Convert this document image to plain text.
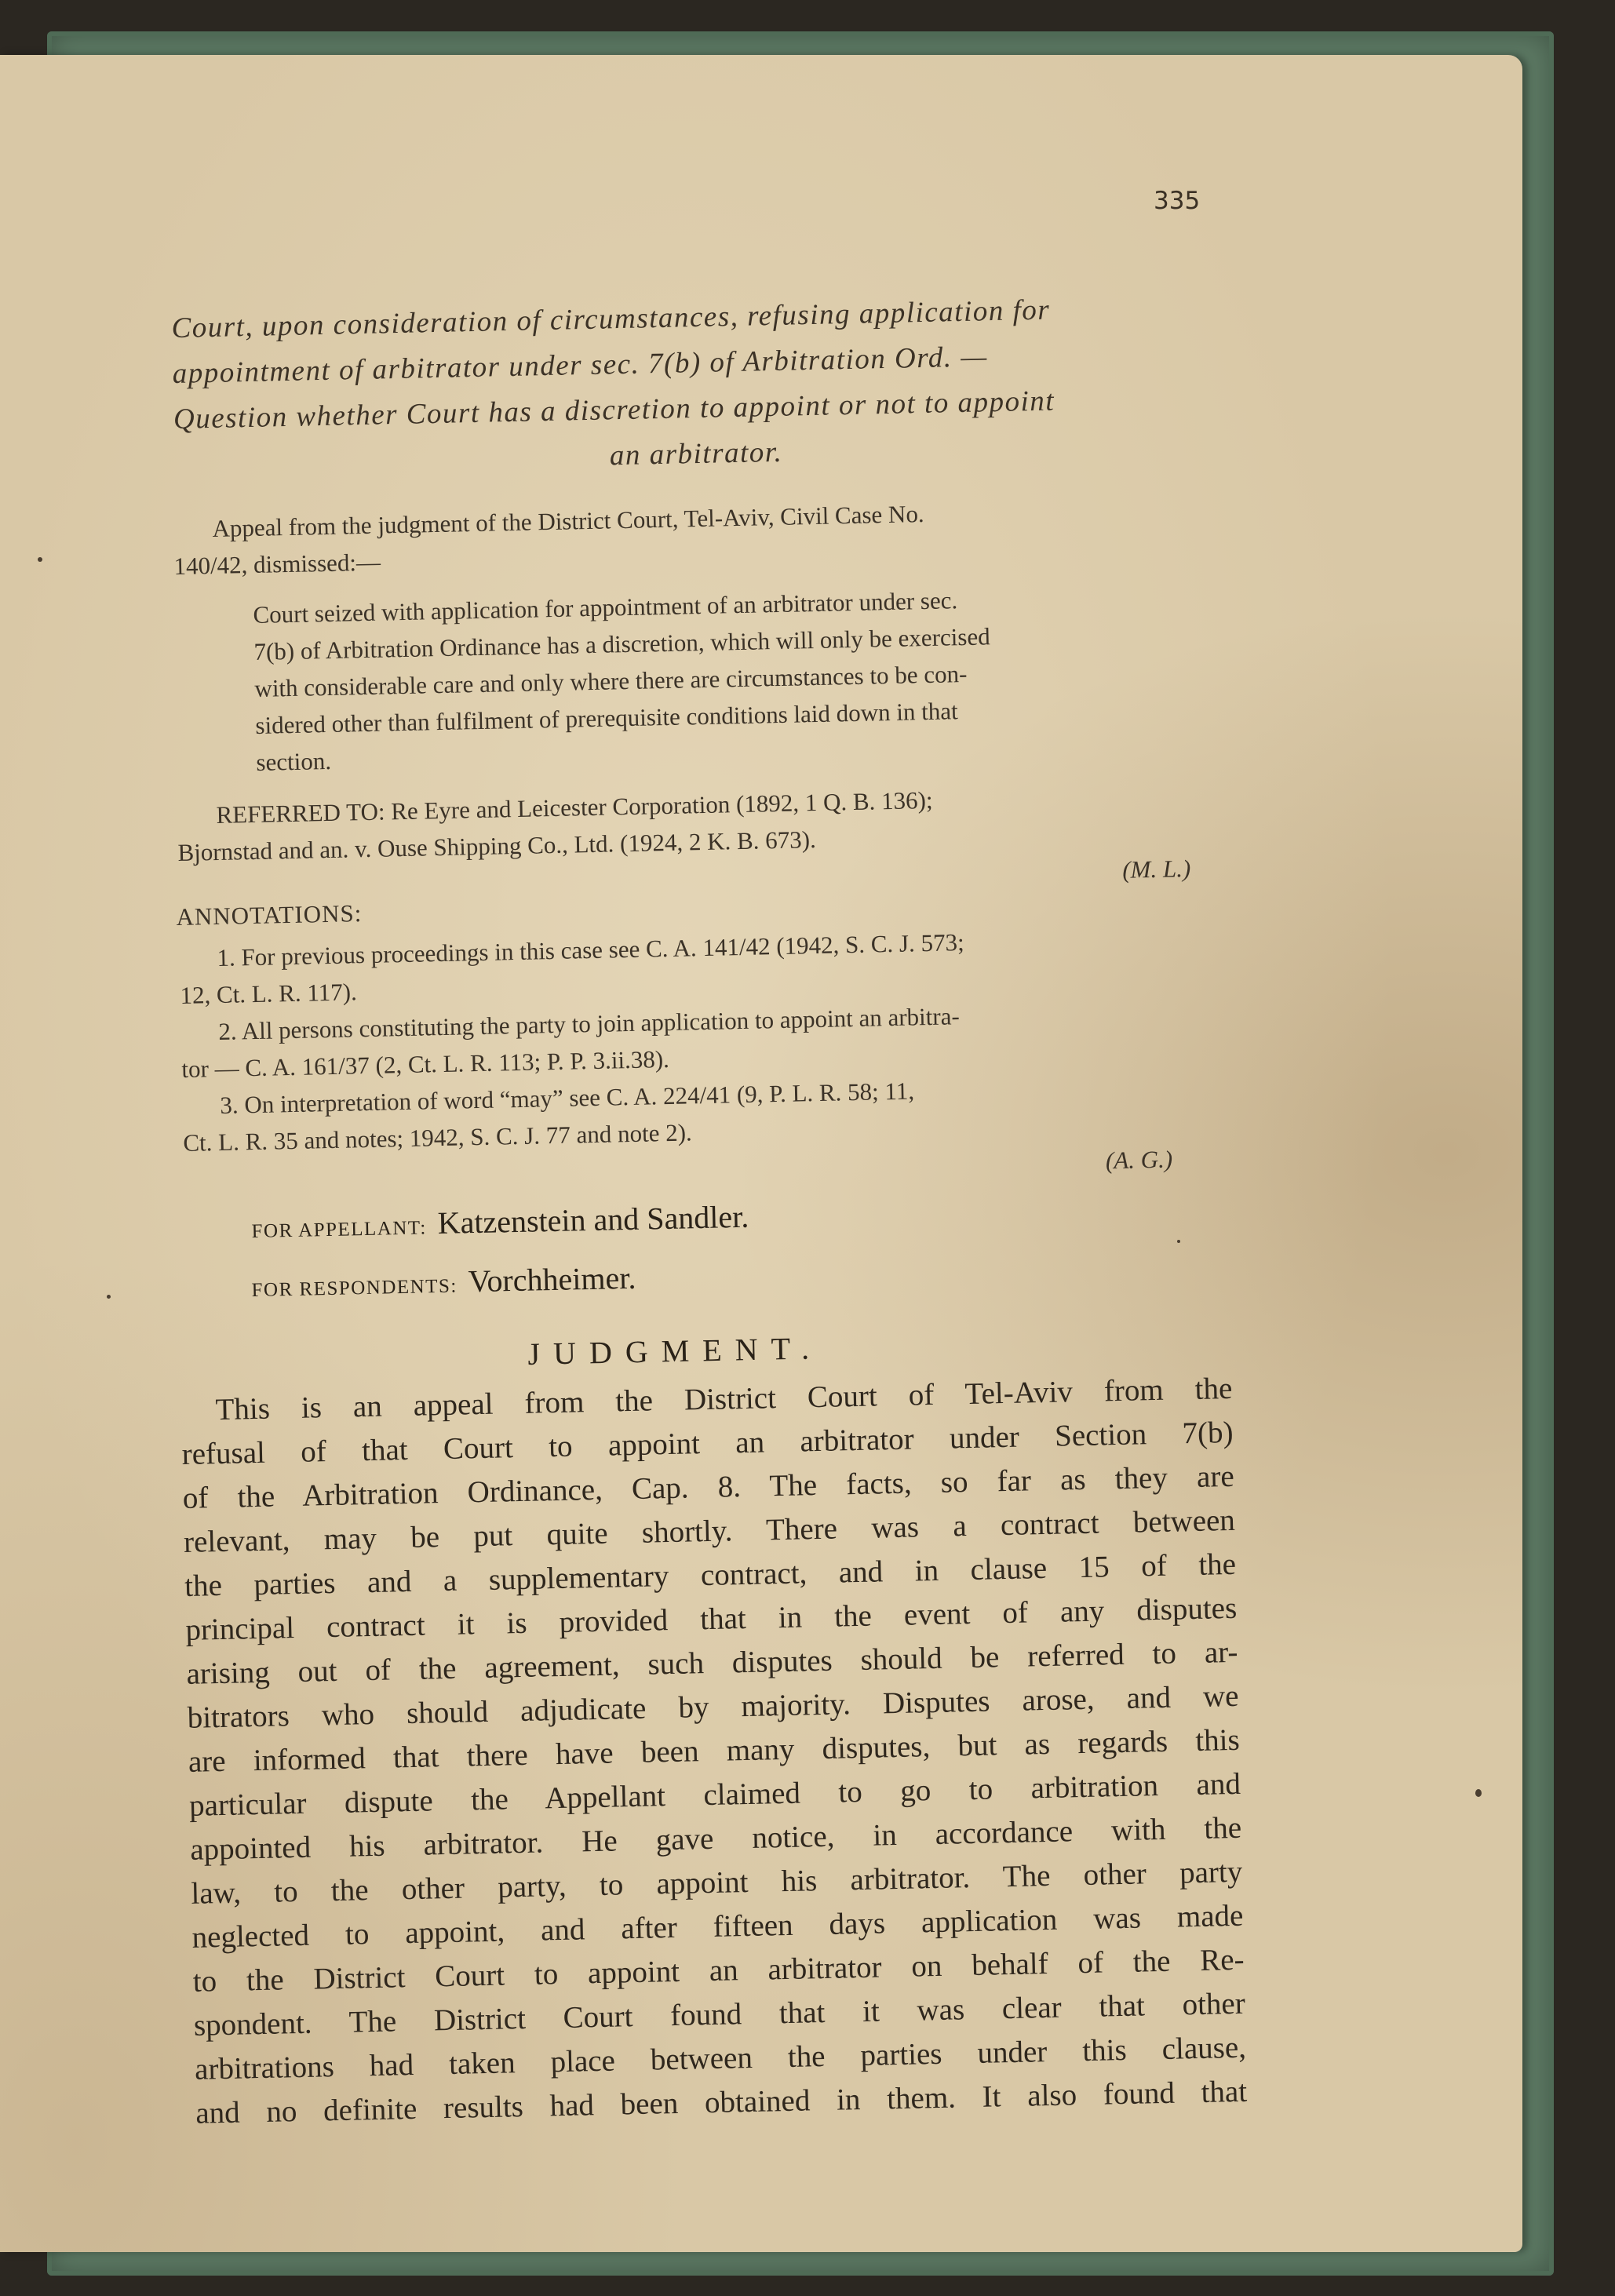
335
Court, upon consideration of circumstances, refusing application for
appointment of arbitrator under sec. 7(b) of Arbitration Ord. —
Question whether Court has a discretion to appoint or not to appoint
an arbitrator.
Appeal from the judgment of the District Court, Tel-Aviv, Civil Case No.
140/42, dismissed:—
Court seized with application for appointment of an arbitrator under sec.
7(b) of Arbitration Ordinance has a discretion, which will only be exercised
with considerable care and only where there are circumstances to be con-
sidered other than fulfilment of prerequisite conditions laid down in that
section.
REFERRED TO: Re Eyre and Leicester Corporation (1892, 1 Q. B. 136);
Bjornstad and an. v. Ouse Shipping Co., Ltd. (1924, 2 K. B. 673).
(M. L.)
ANNOTATIONS:
1. For previous proceedings in this case see C. A. 141/42 (1942, S. C. J. 573;
12, Ct. L. R. 117).
2. All persons constituting the party to join application to appoint an arbitra-
tor — C. A. 161/37 (2, Ct. L. R. 113; P. P. 3.ii.38).
3. On interpretation of word “may” see C. A. 224/41 (9, P. L. R. 58; 11,
Ct. L. R. 35 and notes; 1942, S. C. J. 77 and note 2).
(A. G.)
FOR APPELLANT: Katzenstein and Sandler.
FOR RESPONDENTS: Vorchheimer.
JUDGMENT.
This is an appeal from the District Court of Tel-Aviv from the
refusal of that Court to appoint an arbitrator under Section 7(b)
of the Arbitration Ordinance, Cap. 8. The facts, so far as they are
relevant, may be put quite shortly. There was a contract between
the parties and a supplementary contract, and in clause 15 of the
principal contract it is provided that in the event of any disputes
arising out of the agreement, such disputes should be referred to ar-
bitrators who should adjudicate by majority. Disputes arose, and we
are informed that there have been many disputes, but as regards this
particular dispute the Appellant claimed to go to arbitration and
appointed his arbitrator. He gave notice, in accordance with the
law, to the other party, to appoint his arbitrator. The other party
neglected to appoint, and after fifteen days application was made
to the District Court to appoint an arbitrator on behalf of the Re-
spondent. The District Court found that it was clear that other
arbitrations had taken place between the parties under this clause,
and no definite results had been obtained in them. It also found that
